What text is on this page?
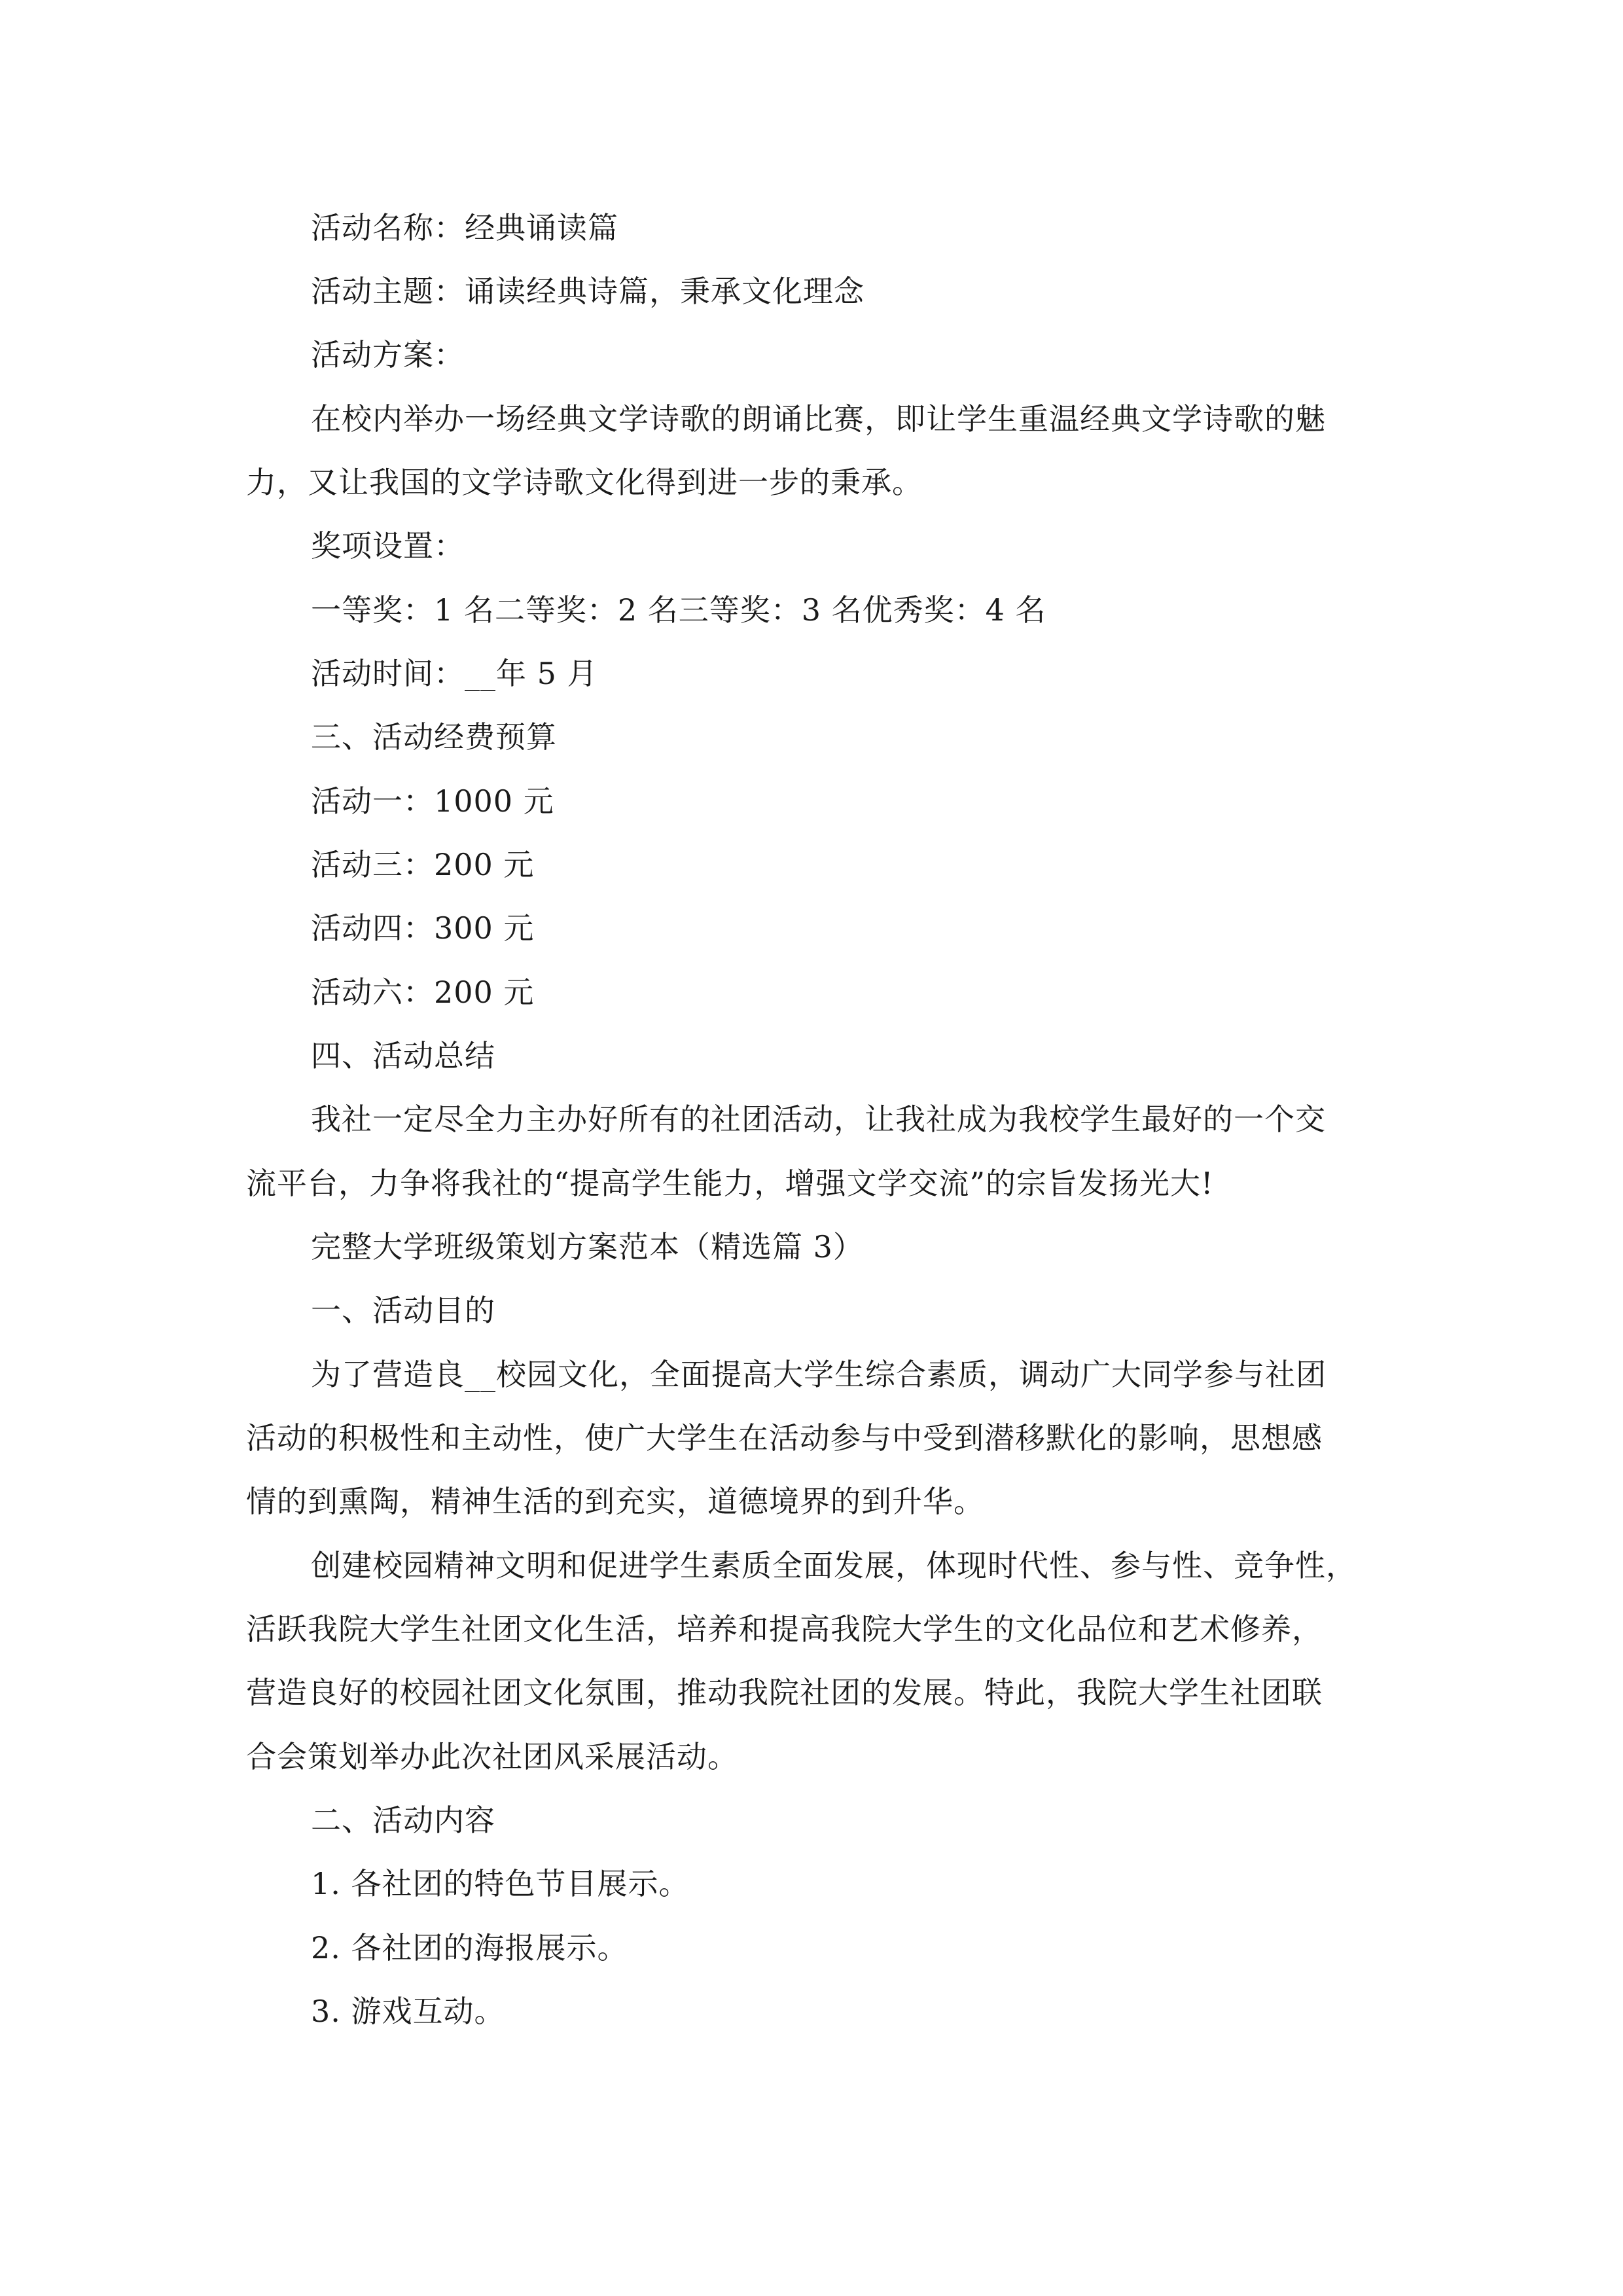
活动名称：经典诵读篇
活动主题：诵读经典诗篇，秉承文化理念
活动方案：
在校内举办一场经典文学诗歌的朗诵比赛，即让学生重温经典文学诗歌的魅
力，又让我国的文学诗歌文化得到进一步的秉承。
奖项设置：
一等奖：1 名二等奖：2 名三等奖：3 名优秀奖：4 名
活动时间：__年 5 月
三、活动经费预算
活动一：1000 元
活动三：200 元
活动四：300 元
活动六：200 元
四、活动总结
我社一定尽全力主办好所有的社团活动，让我社成为我校学生最好的一个交
流平台，力争将我社的“提高学生能力，增强文学交流”的宗旨发扬光大!
完整大学班级策划方案范本（精选篇 3）
一、活动目的
为了营造良__校园文化，全面提高大学生综合素质，调动广大同学参与社团
活动的积极性和主动性，使广大学生在活动参与中受到潜移默化的影响，思想感
情的到熏陶，精神生活的到充实，道德境界的到升华。
创建校园精神文明和促进学生素质全面发展，体现时代性、参与性、竞争性，
活跃我院大学生社团文化生活，培养和提高我院大学生的文化品位和艺术修养，
营造良好的校园社团文化氛围，推动我院社团的发展。特此，我院大学生社团联
合会策划举办此次社团风采展活动。
二、活动内容
1. 各社团的特色节目展示。
2. 各社团的海报展示。
3. 游戏互动。
